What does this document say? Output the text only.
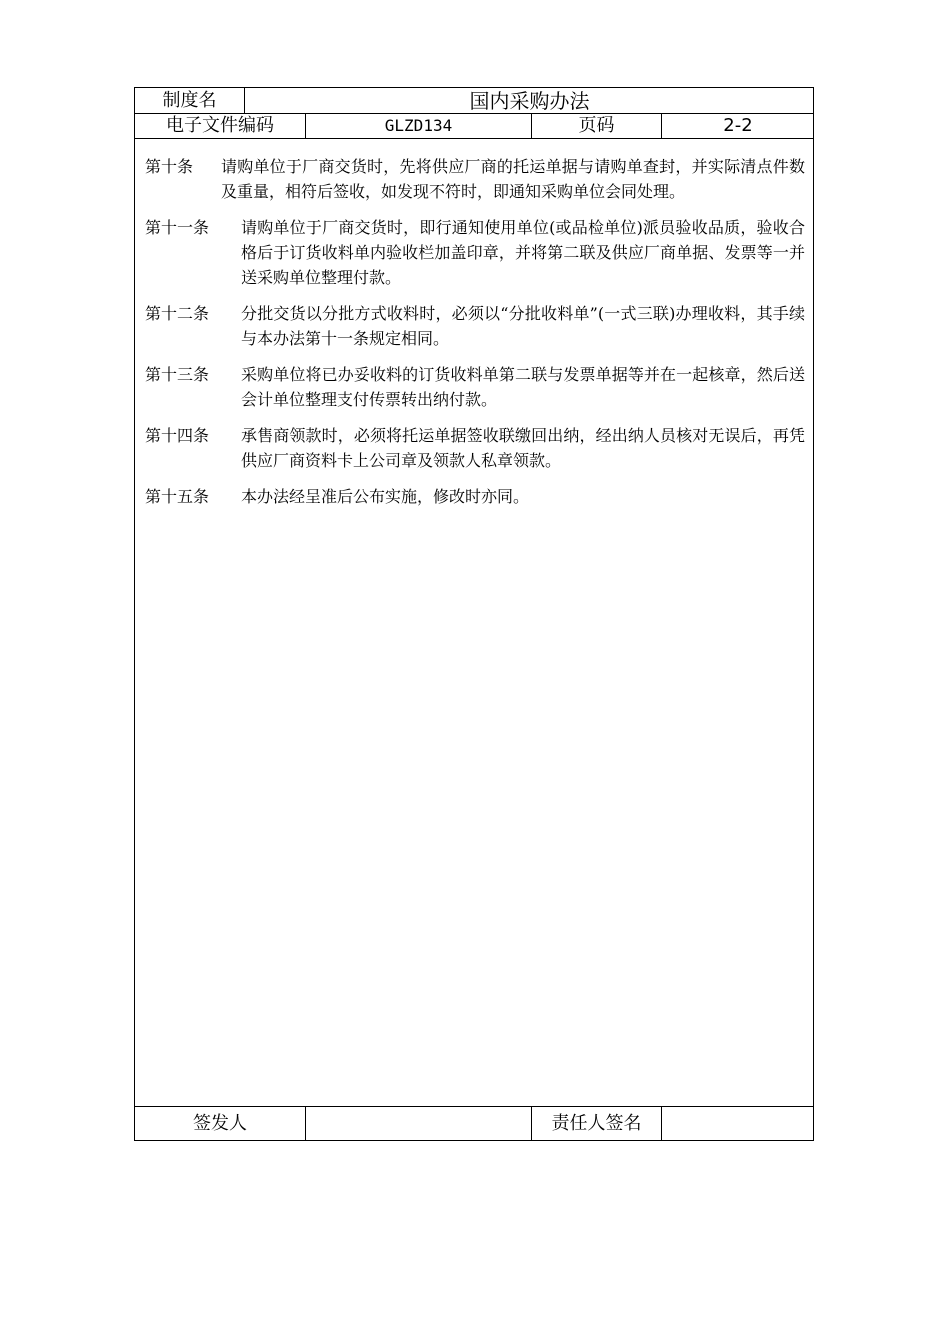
制度名	国内采购办法
电子文件编码	GLZD134	页码	2-2
第十条	请购单位于厂商交货时，先将供应厂商的托运单据与请购单查封，并实际清点件数及重量，相符后签收，如发现不符时，即通知采购单位会同处理。
第十一条	请购单位于厂商交货时，即行通知使用单位(或品检单位)派员验收品质，验收合格后于订货收料单内验收栏加盖印章，并将第二联及供应厂商单据、发票等一并送采购单位整理付款。
第十二条	分批交货以分批方式收料时，必须以“分批收料单”(一式三联)办理收料，其手续与本办法第十一条规定相同。
第十三条	采购单位将已办妥收料的订货收料单第二联与发票单据等并在一起核章，然后送会计单位整理支付传票转出纳付款。
第十四条	承售商领款时，必须将托运单据签收联缴回出纳，经出纳人员核对无误后，再凭供应厂商资料卡上公司章及领款人私章领款。
第十五条	本办法经呈准后公布实施，修改时亦同。
签发人	责任人签名
